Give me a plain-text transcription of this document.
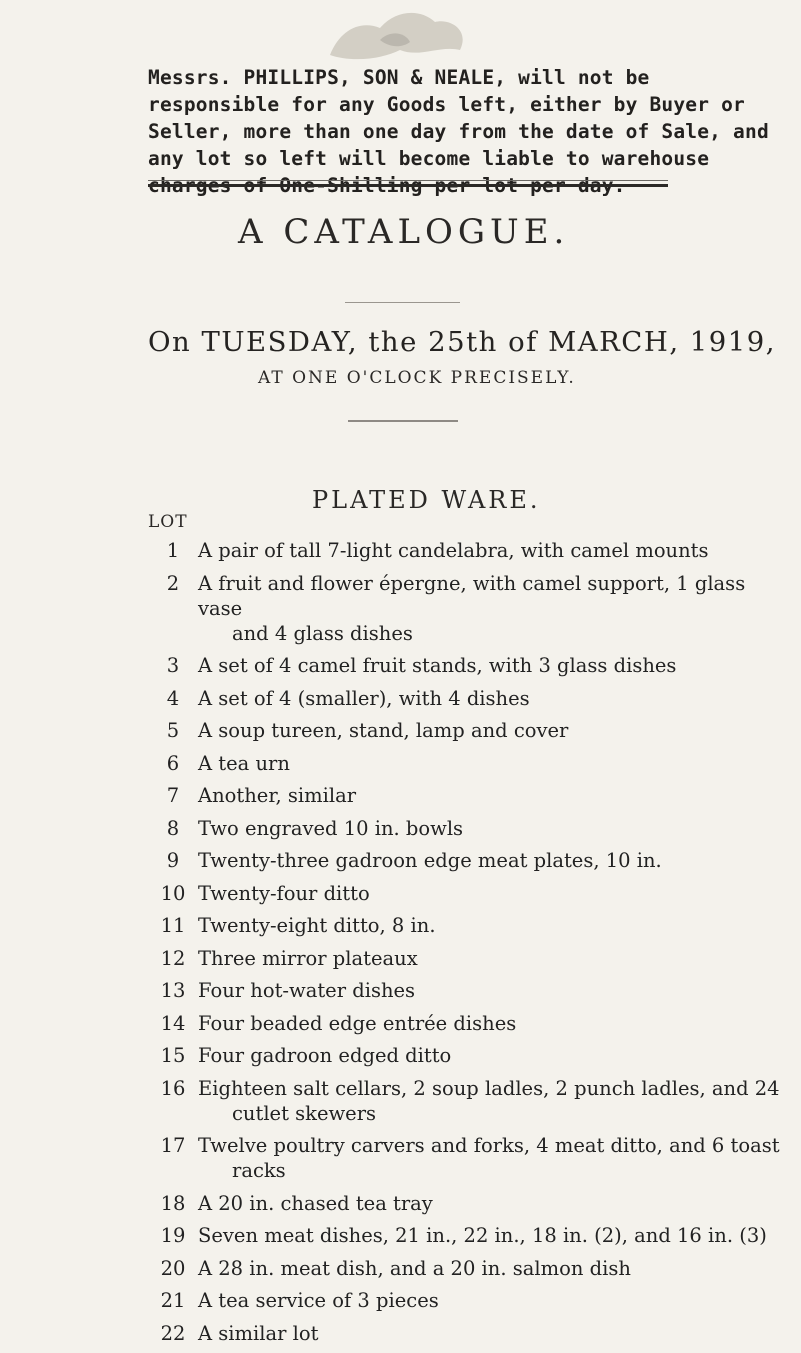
Messrs. PHILLIPS, SON & NEALE, will not be responsible for any Goods left, either by Buyer or Seller, more than one day from the date of Sale, and any lot so left will become liable to warehouse charges of One-Shilling per lot per day.
A CATALOGUE.
On TUESDAY, the 25th of MARCH, 1919,
AT ONE O'CLOCK PRECISELY.
PLATED WARE.
LOT
1 A pair of tall 7-light candelabra, with camel mounts
2 A fruit and flower épergne, with camel support, 1 glass vase
and 4 glass dishes
3 A set of 4 camel fruit stands, with 3 glass dishes
4 A set of 4 (smaller), with 4 dishes
5 A soup tureen, stand, lamp and cover
6 A tea urn
7 Another, similar
8 Two engraved 10 in. bowls
9 Twenty-three gadroon edge meat plates, 10 in.
10 Twenty-four ditto
11 Twenty-eight ditto, 8 in.
12 Three mirror plateaux
13 Four hot-water dishes
14 Four beaded edge entrée dishes
15 Four gadroon edged ditto
16 Eighteen salt cellars, 2 soup ladles, 2 punch ladles, and 24
cutlet skewers
17 Twelve poultry carvers and forks, 4 meat ditto, and 6 toast
racks
18 A 20 in. chased tea tray
19 Seven meat dishes, 21 in., 22 in., 18 in. (2), and 16 in. (3)
20 A 28 in. meat dish, and a 20 in. salmon dish
21 A tea service of 3 pieces
22 A similar lot
